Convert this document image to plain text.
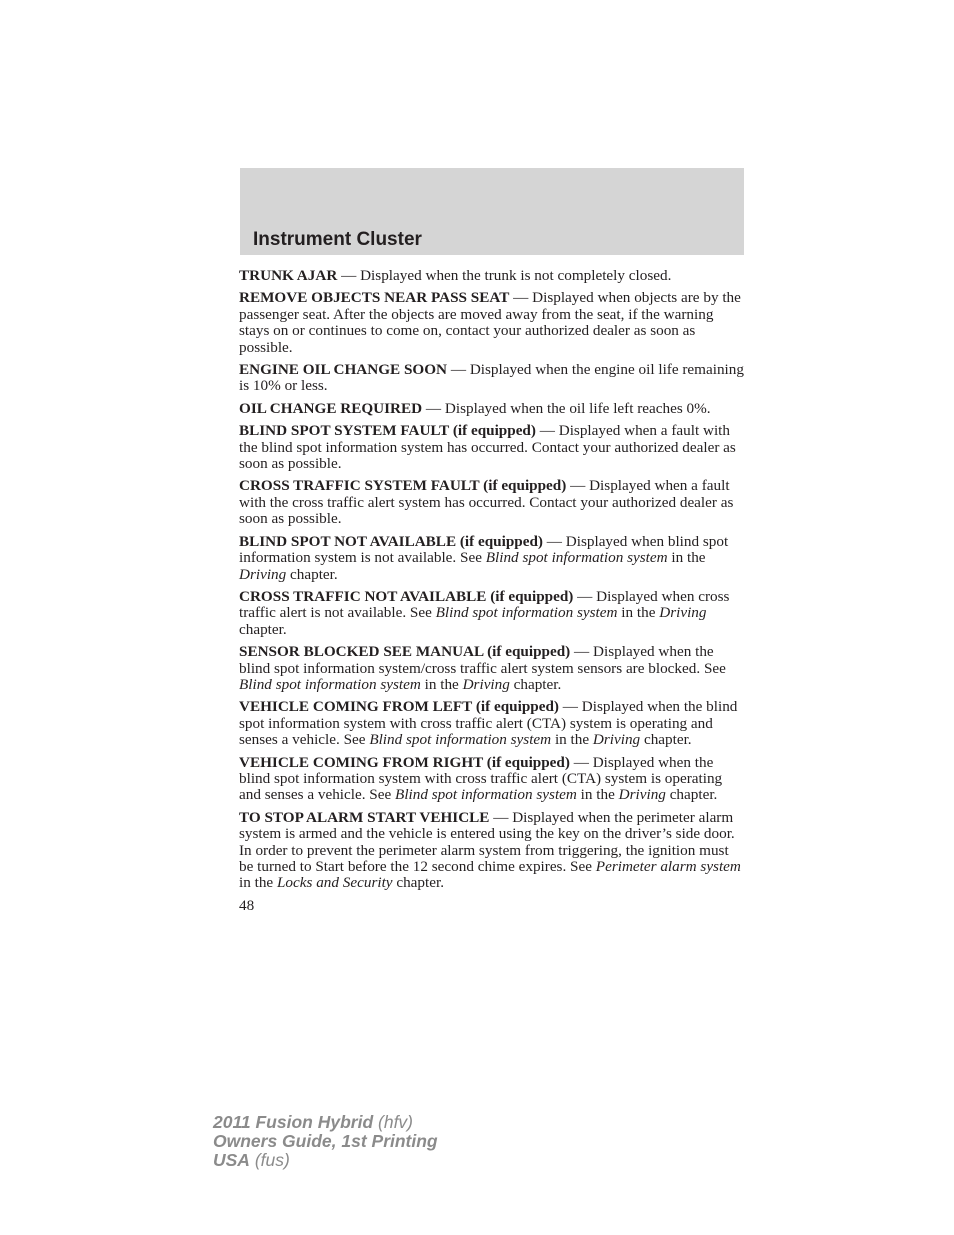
Instrument Cluster

TRUNK AJAR — Displayed when the trunk is not completely closed.

REMOVE OBJECTS NEAR PASS SEAT — Displayed when objects are by the passenger seat. After the objects are moved away from the seat, if the warning stays on or continues to come on, contact your authorized dealer as soon as possible.

ENGINE OIL CHANGE SOON — Displayed when the engine oil life remaining is 10% or less.

OIL CHANGE REQUIRED — Displayed when the oil life left reaches 0%.

BLIND SPOT SYSTEM FAULT (if equipped) — Displayed when a fault with the blind spot information system has occurred. Contact your authorized dealer as soon as possible.

CROSS TRAFFIC SYSTEM FAULT (if equipped) — Displayed when a fault with the cross traffic alert system has occurred. Contact your authorized dealer as soon as possible.

BLIND SPOT NOT AVAILABLE (if equipped) — Displayed when blind spot information system is not available. See Blind spot information system in the Driving chapter.

CROSS TRAFFIC NOT AVAILABLE (if equipped) — Displayed when cross traffic alert is not available. See Blind spot information system in the Driving chapter.

SENSOR BLOCKED SEE MANUAL (if equipped) — Displayed when the blind spot information system/cross traffic alert system sensors are blocked. See Blind spot information system in the Driving chapter.

VEHICLE COMING FROM LEFT (if equipped) — Displayed when the blind spot information system with cross traffic alert (CTA) system is operating and senses a vehicle. See Blind spot information system in the Driving chapter.

VEHICLE COMING FROM RIGHT (if equipped) — Displayed when the blind spot information system with cross traffic alert (CTA) system is operating and senses a vehicle. See Blind spot information system in the Driving chapter.

TO STOP ALARM START VEHICLE — Displayed when the perimeter alarm system is armed and the vehicle is entered using the key on the driver’s side door. In order to prevent the perimeter alarm system from triggering, the ignition must be turned to Start before the 12 second chime expires. See Perimeter alarm system in the Locks and Security chapter.

48

2011 Fusion Hybrid (hfv)
Owners Guide, 1st Printing
USA (fus)
